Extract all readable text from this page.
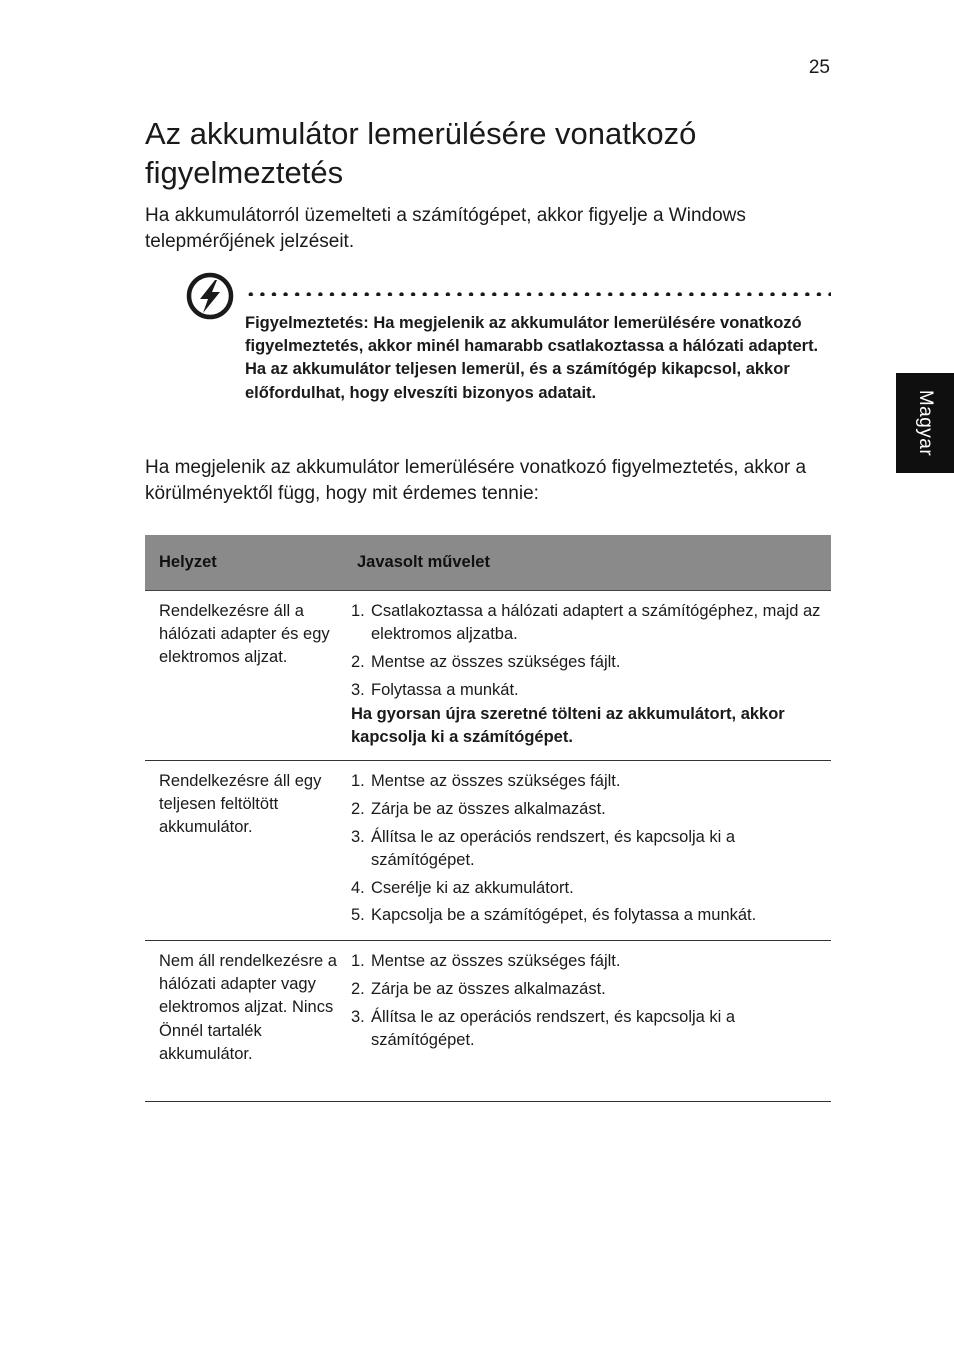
25
Az akkumulátor lemerülésére vonatkozó figyelmeztetés

Ha akkumulátorról üzemelteti a számítógépet, akkor figyelje a Windows telepmérőjének jelzéseit.

Figyelmeztetés: Ha megjelenik az akkumulátor lemerülésére vonatkozó figyelmeztetés, akkor minél hamarabb csatlakoztassa a hálózati adaptert. Ha az akkumulátor teljesen lemerül, és a számítógép kikapcsol, akkor előfordulhat, hogy elveszíti bizonyos adatait.

Ha megjelenik az akkumulátor lemerülésére vonatkozó figyelmeztetés, akkor a körülményektől függ, hogy mit érdemes tennie:

Helyzet	Javasolt művelet
Rendelkezésre áll a hálózati adapter és egy elektromos aljzat.
1. Csatlakoztassa a hálózati adaptert a számítógéphez, majd az elektromos aljzatba.
2. Mentse az összes szükséges fájlt.
3. Folytassa a munkát.
Ha gyorsan újra szeretné tölteni az akkumulátort, akkor kapcsolja ki a számítógépet.
Rendelkezésre áll egy teljesen feltöltött akkumulátor.
1. Mentse az összes szükséges fájlt.
2. Zárja be az összes alkalmazást.
3. Állítsa le az operációs rendszert, és kapcsolja ki a számítógépet.
4. Cserélje ki az akkumulátort.
5. Kapcsolja be a számítógépet, és folytassa a munkát.
Nem áll rendelkezésre a hálózati adapter vagy elektromos aljzat. Nincs Önnél tartalék akkumulátor.
1. Mentse az összes szükséges fájlt.
2. Zárja be az összes alkalmazást.
3. Állítsa le az operációs rendszert, és kapcsolja ki a számítógépet.
Magyar
